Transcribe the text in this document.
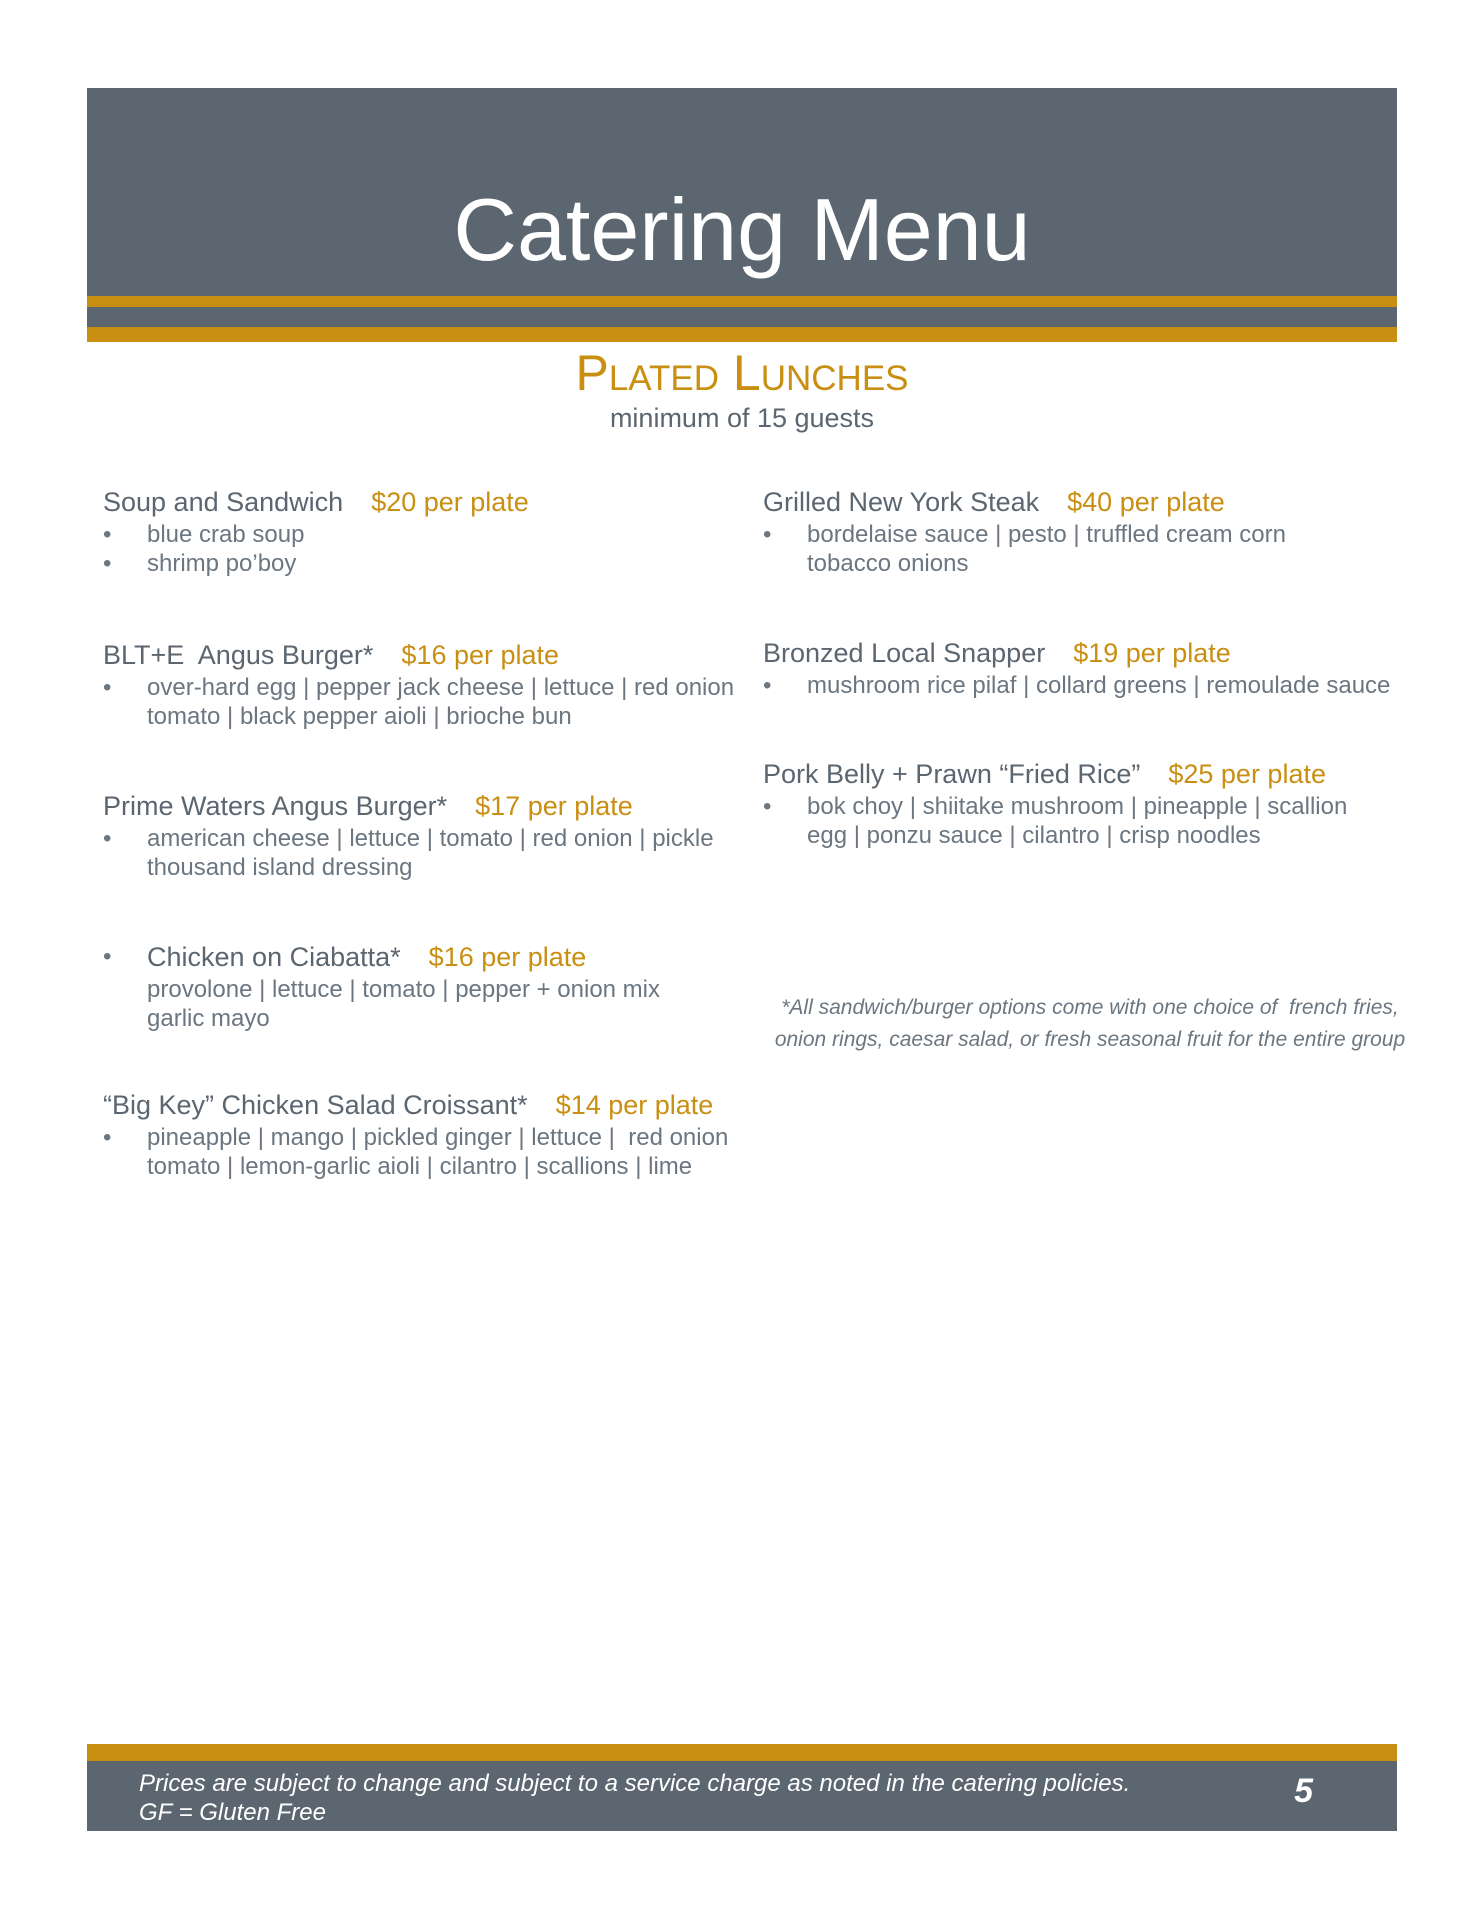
Catering Menu
Plated Lunches
minimum of 15 guests
Soup and Sandwich $20 per plate
• blue crab soup
• shrimp po’boy
BLT+E  Angus Burger* $16 per plate
• over-hard egg | pepper jack cheese | lettuce | red onion
tomato | black pepper aioli | brioche bun
Prime Waters Angus Burger* $17 per plate
• american cheese | lettuce | tomato | red onion | pickle
thousand island dressing
• Chicken on Ciabatta* $16 per plate
provolone | lettuce | tomato | pepper + onion mix
garlic mayo
“Big Key” Chicken Salad Croissant* $14 per plate
• pineapple | mango | pickled ginger | lettuce |  red onion
tomato | lemon-garlic aioli | cilantro | scallions | lime
Grilled New York Steak $40 per plate
• bordelaise sauce | pesto | truffled cream corn
tobacco onions
Bronzed Local Snapper $19 per plate
• mushroom rice pilaf | collard greens | remoulade sauce
Pork Belly + Prawn “Fried Rice” $25 per plate
• bok choy | shiitake mushroom | pineapple | scallion
egg | ponzu sauce | cilantro | crisp noodles
*All sandwich/burger options come with one choice of  french fries,
onion rings, caesar salad, or fresh seasonal fruit for the entire group
Prices are subject to change and subject to a service charge as noted in the catering policies.
GF = Gluten Free
5
